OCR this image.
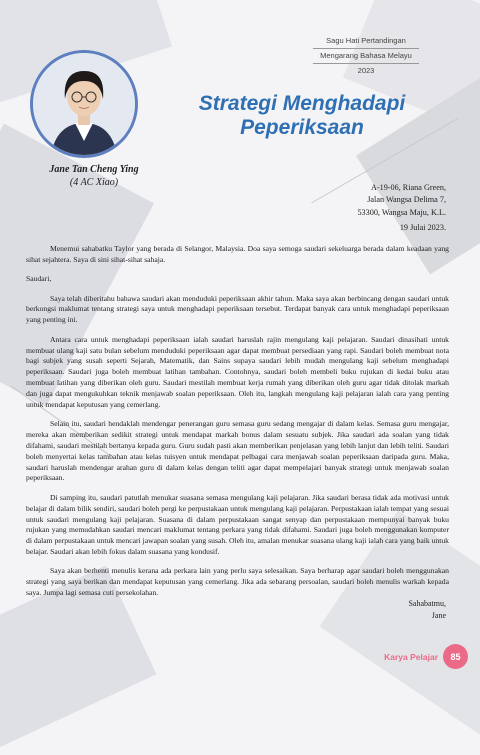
Sagu Hati Pertandingan
Mengarang Bahasa Melayu
2023
Jane Tan Cheng Ying
(4 AC Xiao)
Strategi Menghadapi
Peperiksaan
A-19-06, Riana Green,
Jalan Wangsa Delima 7,
53300, Wangsa Maju, K.L.
19 Julai 2023.

Menemui sahabatku Taylor yang berada di Selangor, Malaysia. Doa saya semoga saudari sekeluarga berada dalam keadaan yang sihat sejahtera. Saya di sini sihat-sihat sahaja.

Saudari,

Saya telah diberitahu bahawa saudari akan menduduki peperiksaan akhir tahun. Maka saya akan berbincang dengan saudari untuk berkongsi maklumat tentang strategi saya untuk menghadapi peperiksaan tersebut. Terdapat banyak cara untuk menghadapi peperiksaan yang penting ini.

Antara cara untuk menghadapi peperiksaan ialah saudari haruslah rajin mengulang kaji pelajaran. Saudari dinasihati untuk membuat ulang kaji satu bulan sebelum menduduki peperiksaan agar dapat membuat persediaan yang rapi. Saudari boleh membuat nota bagi subjek yang susah seperti Sejarah, Matematik, dan Sains supaya saudari lebih mudah mengulang kaji sebelum menghadapi peperiksaan. Saudari juga boleh membuat latihan tambahan. Contohnya, saudari boleh membeli buku rujukan di kedai buku atau membuat latihan yang diberikan oleh guru. Saudari mestilah membuat kerja rumah yang diberikan oleh guru agar tidak ditolak markah dan juga dapat mengukuhkan teknik menjawab soalan peperiksaan. Oleh itu, langkah mengulang kaji pelajaran ialah cara yang penting untuk mendapat keputusan yang cemerlang.

Selain itu, saudari hendaklah mendengar penerangan guru semasa guru sedang mengajar di dalam kelas. Semasa guru mengajar, mereka akan memberikan sedikit strategi untuk mendapat markah bonus dalam sesuatu subjek. Jika saudari ada soalan yang tidak difahami, saudari mestilah bertanya kepada guru. Guru sudah pasti akan memberikan penjelasan yang lebih lanjut dan lebih teliti. Saudari boleh menyertai kelas tambahan atau kelas tuisyen untuk mendapat pelbagai cara menjawab soalan peperiksaan daripada guru. Maka, saudari haruslah mendengar arahan guru di dalam kelas dengan teliti agar dapat mempelajari banyak strategi untuk menjawab soalan peperiksaan.

Di samping itu, saudari patutlah menukar suasana semasa mengulang kaji pelajaran. Jika saudari berasa tidak ada motivasi untuk belajar di dalam bilik sendiri, saudari boleh pergi ke perpustakaan untuk mengulang kaji pelajaran. Perpustakaan ialah tempat yang sesuai untuk saudari mengulang kaji pelajaran. Suasana di dalam perpustakaan sangat senyap dan perpustakaan mempunyai banyak buku rujukan yang memudahkan saudari mencari maklumat tentang perkara yang tidak difahami. Saudari juga boleh menggunakan komputer di dalam perpustakaan untuk mencari jawapan soalan yang susah. Oleh itu, amalan menukar suasana ulang kaji ialah cara yang baik untuk belajar. Saudari akan lebih fokus dalam suasana yang kondusif.

Saya akan berhenti menulis kerana ada perkara lain yang perlu saya selesaikan. Saya berharap agar saudari boleh menggunakan strategi yang saya berikan dan mendapat keputusan yang cemerlang. Jika ada sebarang persoalan, saudari boleh menulis warkah kepada saya. Jumpa lagi semasa cuti persekolahan.

Sahabatmu,
Jane
Karya Pelajar	85
